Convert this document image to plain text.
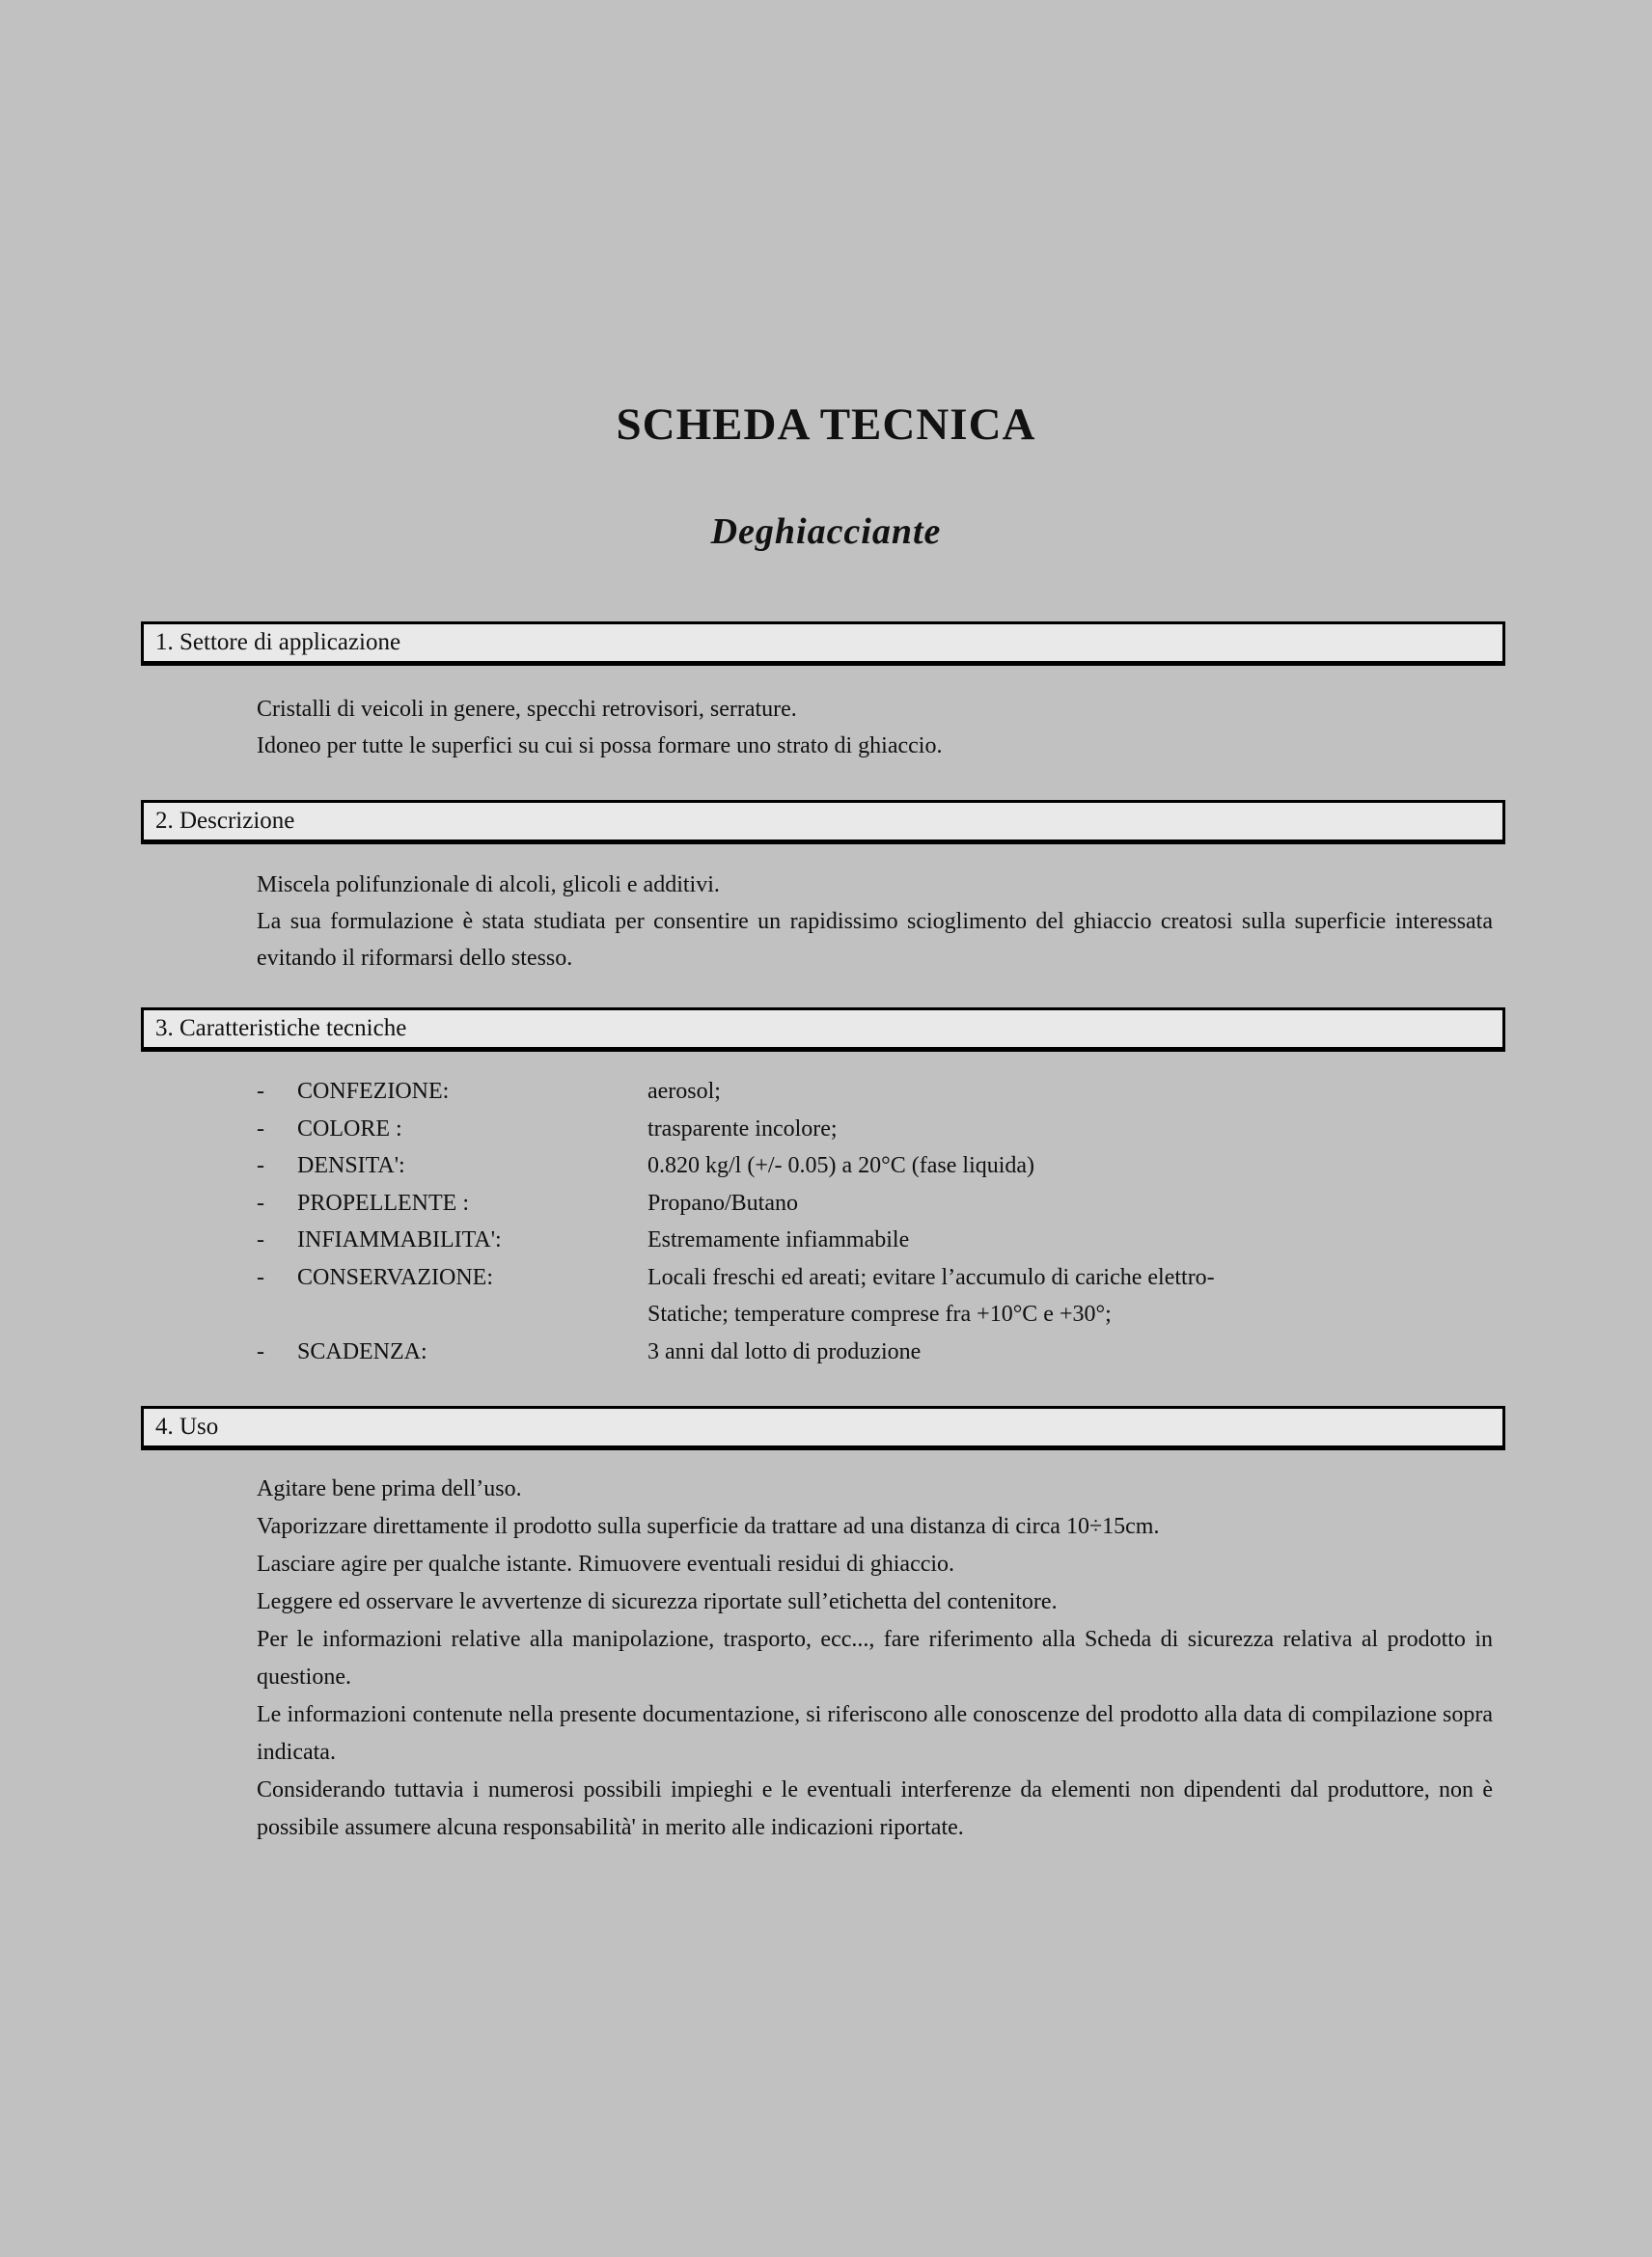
SCHEDA TECNICA
Deghiacciante
1. Settore di applicazione

Cristalli di veicoli in genere, specchi retrovisori, serrature.

Idoneo per tutte le superfici su cui si possa formare uno strato di ghiaccio.

2. Descrizione

Miscela polifunzionale di alcoli, glicoli e additivi.

La sua formulazione è stata studiata per consentire un rapidissimo scioglimento del ghiaccio creatosi sulla superficie interessata evitando il riformarsi dello stesso.

3. Caratteristiche tecniche
-	CONFEZIONE:	aerosol;
-	COLORE :	trasparente incolore;
-	DENSITA':	0.820 kg/l (+/- 0.05) a 20°C (fase liquida)
-	PROPELLENTE :	Propano/Butano
-	INFIAMMABILITA':	Estremamente infiammabile
-	CONSERVAZIONE:	Locali freschi ed areati; evitare l’accumulo di cariche elettro-
Statiche; temperature comprese fra +10°C e +30°;
-	SCADENZA:	3 anni dal lotto di produzione
4. Uso

Agitare bene prima dell’uso.

Vaporizzare direttamente il prodotto sulla superficie da trattare ad una distanza di circa 10÷15cm.

Lasciare agire per qualche istante. Rimuovere eventuali residui di ghiaccio.

Leggere ed osservare le avvertenze di sicurezza riportate sull’etichetta del contenitore.

Per le informazioni relative alla manipolazione, trasporto, ecc..., fare riferimento alla Scheda di sicurezza relativa al prodotto in questione.

Le informazioni contenute nella presente documentazione, si riferiscono alle conoscenze del prodotto alla data di compilazione sopra indicata.

Considerando tuttavia i numerosi possibili impieghi e le eventuali interferenze da elementi non dipendenti dal produttore, non è possibile assumere alcuna responsabilità' in merito alle indicazioni riportate.
